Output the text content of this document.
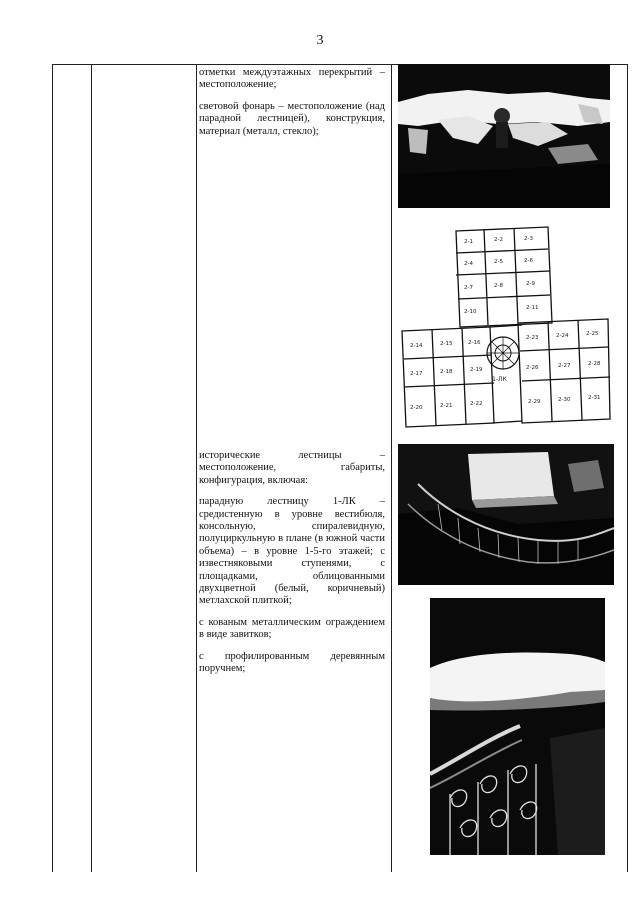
3

отметки междуэтажных перекрытий – местоположение;

световой фонарь – местоположение (над парадной лестницей), конструкция, материал (металл, стекло);

исторические лестницы – местоположение, габариты, конфигурация, включая:

парадную лестницу 1-ЛК – средистенную в уровне вестибюля, консольную, спиралевидную, полуциркульную в плане (в южной части объема) – в уровне 1-5-го этажей; с известняковыми ступенями, с площадками, облицованными двухцветной (белый, коричневый) метлахской плиткой;

с кованым металлическим ограждением в виде завитков;

с профилированным деревянным поручнем;

2-1	2-2	2-3
2-4	2-5	2-6
2-7	2-8	2-9
2-10
2-11
2-14	2-15	2-16
2-17	2-18	2-19
2-20	2-21	2-22
2-23	2-24	2-25
2-26	2-27	2-28
2-29	2-30	2-31
1-ЛК
